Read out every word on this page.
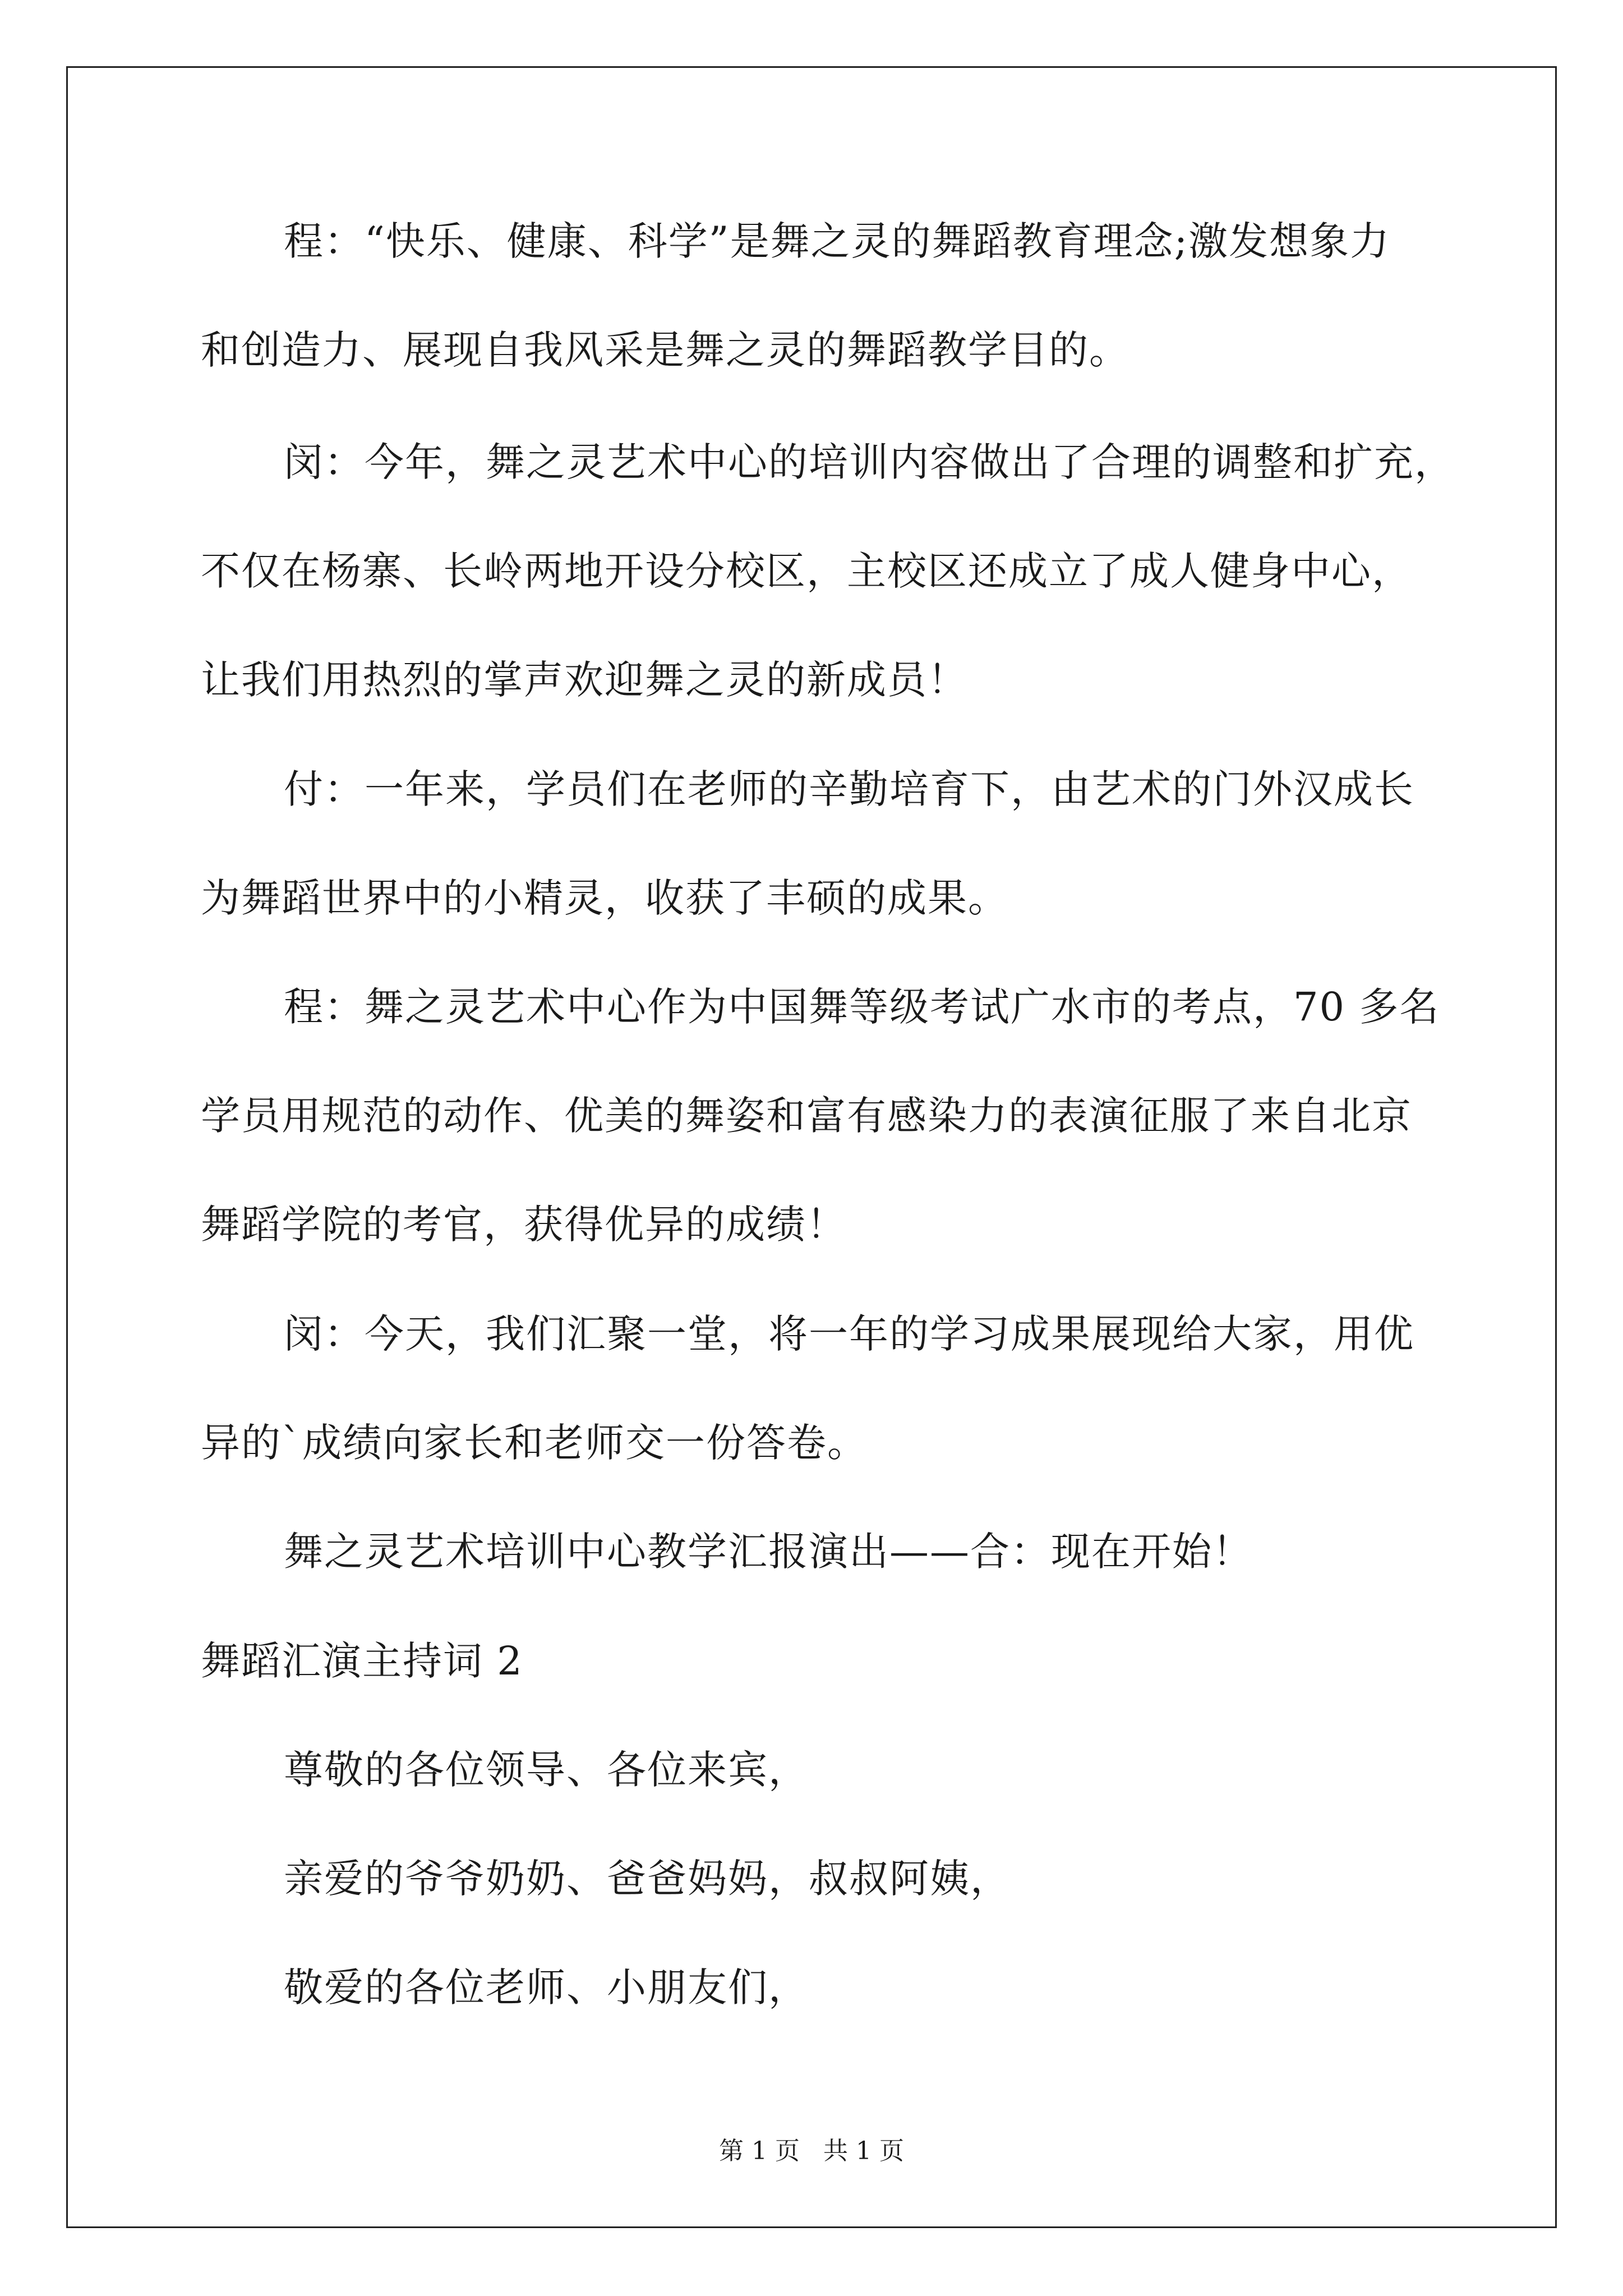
程：“快乐、健康、科学”是舞之灵的舞蹈教育理念;激发想象力
和创造力、展现自我风采是舞之灵的舞蹈教学目的。
闵：今年，舞之灵艺术中心的培训内容做出了合理的调整和扩充，
不仅在杨寨、长岭两地开设分校区，主校区还成立了成人健身中心，
让我们用热烈的掌声欢迎舞之灵的新成员！
付：一年来，学员们在老师的辛勤培育下，由艺术的门外汉成长
为舞蹈世界中的小精灵，收获了丰硕的成果。
程：舞之灵艺术中心作为中国舞等级考试广水市的考点，70 多名
学员用规范的动作、优美的舞姿和富有感染力的表演征服了来自北京
舞蹈学院的考官，获得优异的成绩！
闵：今天，我们汇聚一堂，将一年的学习成果展现给大家，用优
异的`成绩向家长和老师交一份答卷。
舞之灵艺术培训中心教学汇报演出——合：现在开始！
舞蹈汇演主持词 2
尊敬的各位领导、各位来宾，
亲爱的爷爷奶奶、爸爸妈妈，叔叔阿姨，
敬爱的各位老师、小朋友们，
第 1 页   共 1 页
